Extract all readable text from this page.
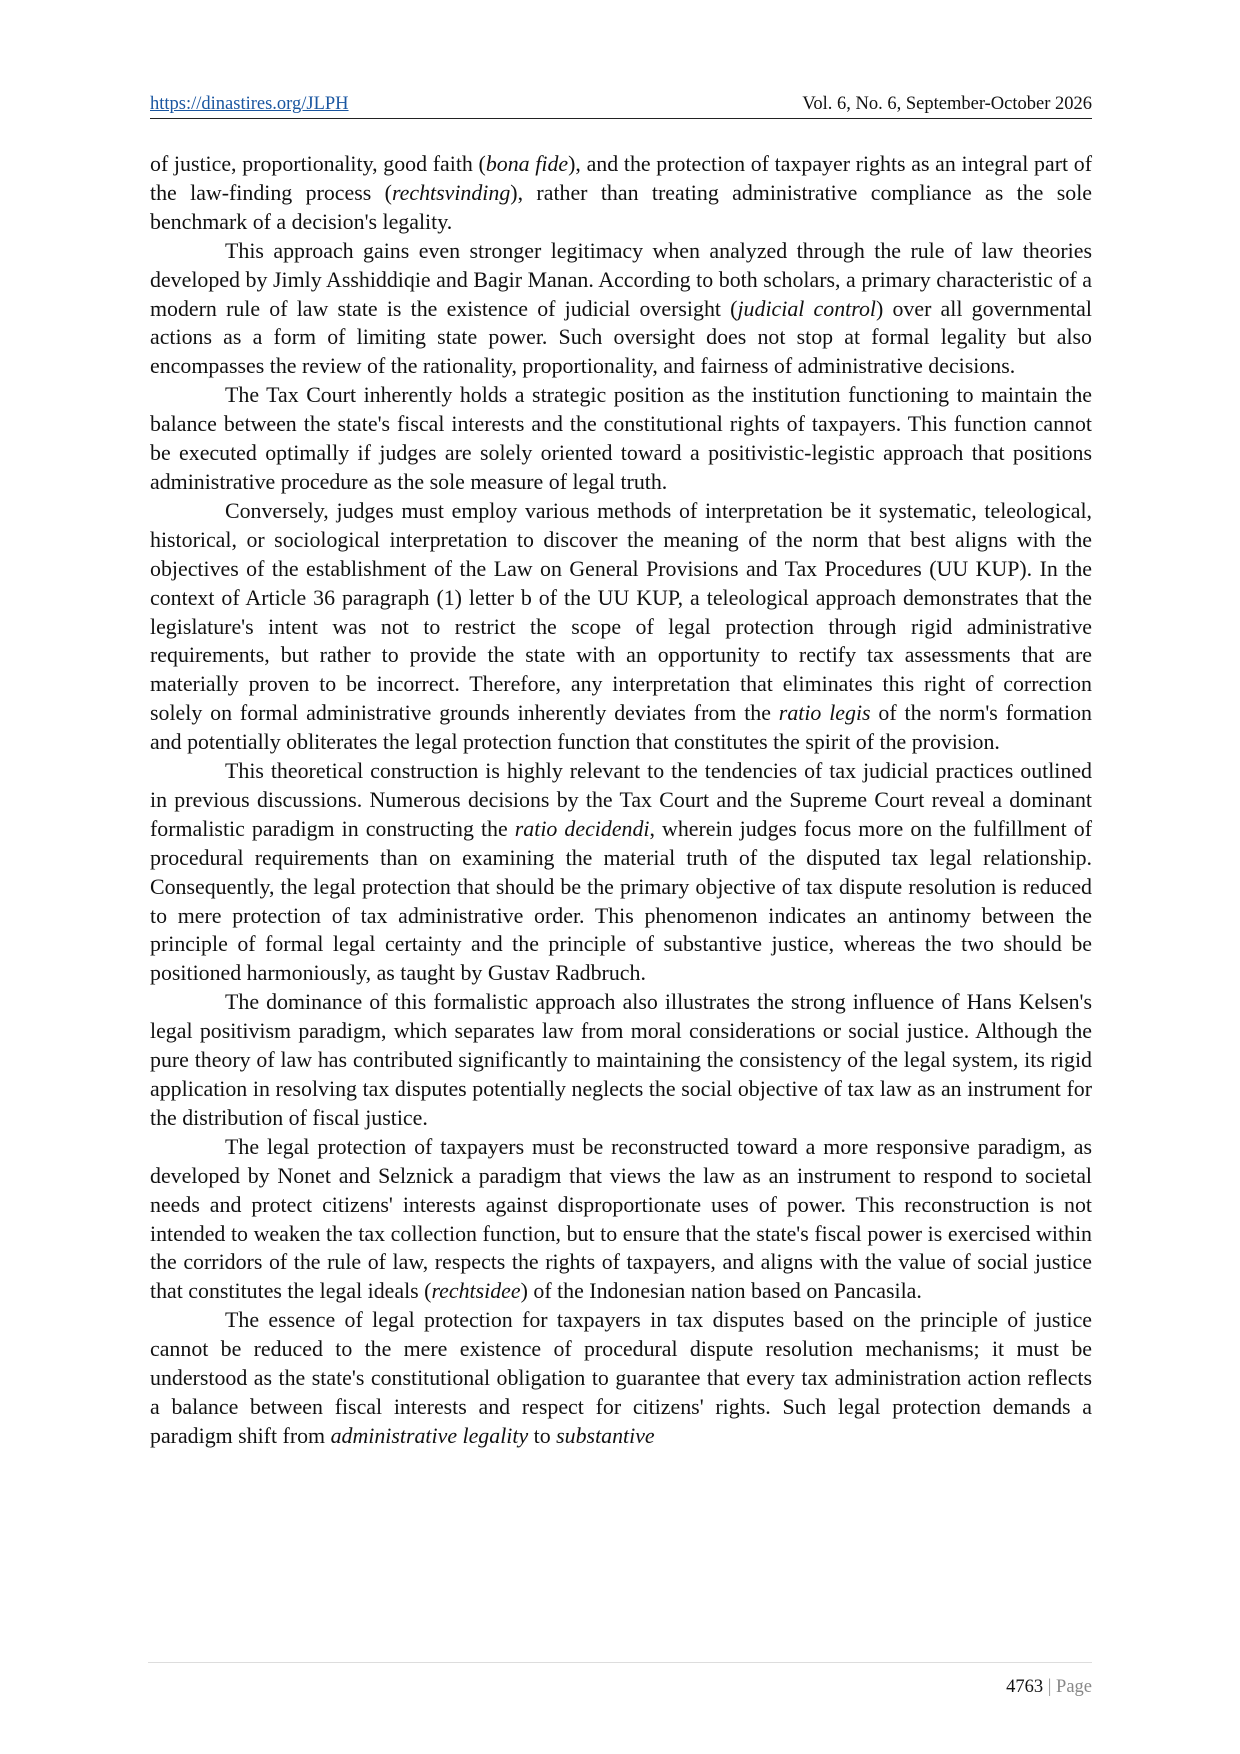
https://dinastires.org/JLPH	Vol. 6, No. 6, September-October 2026

of justice, proportionality, good faith (bona fide), and the protection of taxpayer rights as an integral part of the law-finding process (rechtsvinding), rather than treating administrative compliance as the sole benchmark of a decision's legality.

This approach gains even stronger legitimacy when analyzed through the rule of law theories developed by Jimly Asshiddiqie and Bagir Manan. According to both scholars, a primary characteristic of a modern rule of law state is the existence of judicial oversight (judicial control) over all governmental actions as a form of limiting state power. Such oversight does not stop at formal legality but also encompasses the review of the rationality, proportionality, and fairness of administrative decisions.

The Tax Court inherently holds a strategic position as the institution functioning to maintain the balance between the state's fiscal interests and the constitutional rights of taxpayers. This function cannot be executed optimally if judges are solely oriented toward a positivistic-legistic approach that positions administrative procedure as the sole measure of legal truth.

Conversely, judges must employ various methods of interpretation be it systematic, teleological, historical, or sociological interpretation to discover the meaning of the norm that best aligns with the objectives of the establishment of the Law on General Provisions and Tax Procedures (UU KUP). In the context of Article 36 paragraph (1) letter b of the UU KUP, a teleological approach demonstrates that the legislature's intent was not to restrict the scope of legal protection through rigid administrative requirements, but rather to provide the state with an opportunity to rectify tax assessments that are materially proven to be incorrect. Therefore, any interpretation that eliminates this right of correction solely on formal administrative grounds inherently deviates from the ratio legis of the norm's formation and potentially obliterates the legal protection function that constitutes the spirit of the provision.

This theoretical construction is highly relevant to the tendencies of tax judicial practices outlined in previous discussions. Numerous decisions by the Tax Court and the Supreme Court reveal a dominant formalistic paradigm in constructing the ratio decidendi, wherein judges focus more on the fulfillment of procedural requirements than on examining the material truth of the disputed tax legal relationship. Consequently, the legal protection that should be the primary objective of tax dispute resolution is reduced to mere protection of tax administrative order. This phenomenon indicates an antinomy between the principle of formal legal certainty and the principle of substantive justice, whereas the two should be positioned harmoniously, as taught by Gustav Radbruch.

The dominance of this formalistic approach also illustrates the strong influence of Hans Kelsen's legal positivism paradigm, which separates law from moral considerations or social justice. Although the pure theory of law has contributed significantly to maintaining the consistency of the legal system, its rigid application in resolving tax disputes potentially neglects the social objective of tax law as an instrument for the distribution of fiscal justice.

The legal protection of taxpayers must be reconstructed toward a more responsive paradigm, as developed by Nonet and Selznick a paradigm that views the law as an instrument to respond to societal needs and protect citizens' interests against disproportionate uses of power. This reconstruction is not intended to weaken the tax collection function, but to ensure that the state's fiscal power is exercised within the corridors of the rule of law, respects the rights of taxpayers, and aligns with the value of social justice that constitutes the legal ideals (rechtsidee) of the Indonesian nation based on Pancasila.

The essence of legal protection for taxpayers in tax disputes based on the principle of justice cannot be reduced to the mere existence of procedural dispute resolution mechanisms; it must be understood as the state's constitutional obligation to guarantee that every tax administration action reflects a balance between fiscal interests and respect for citizens' rights. Such legal protection demands a paradigm shift from administrative legality to substantive

4763 | Page
